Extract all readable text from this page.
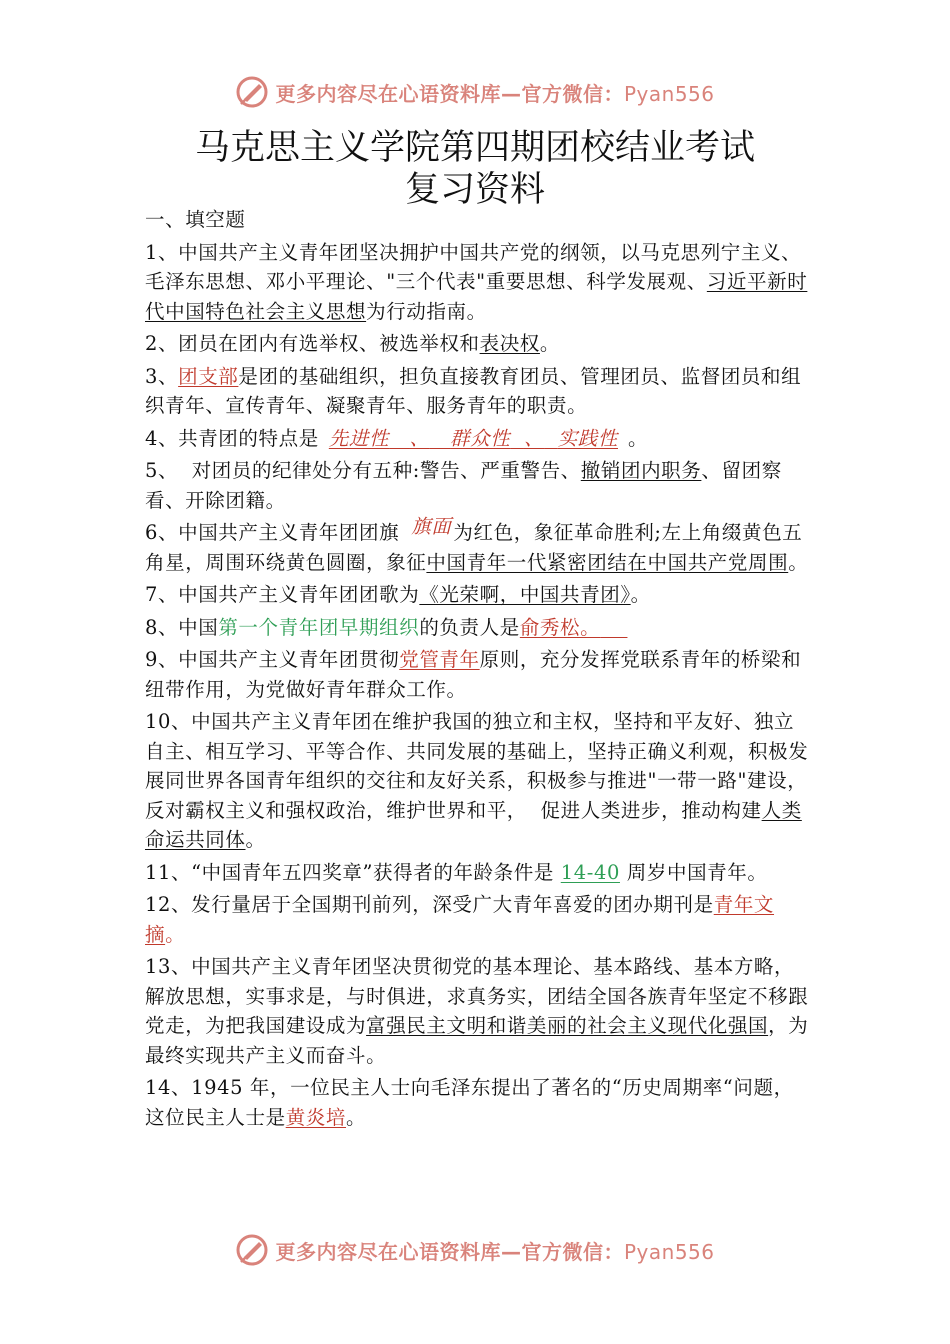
更多内容尽在心语资料库—官方微信：Pyan556
马克思主义学院第四期团校结业考试
复习资料

一、填空题

1、中国共产主义青年团坚决拥护中国共产党的纲领，以马克思列宁主义、毛泽东思想、邓小平理论、"三个代表"重要思想、科学发展观、习近平新时代中国特色社会主义思想为行动指南。

2、团员在团内有选举权、被选举权和表决权。

3、团支部是团的基础组织，担负直接教育团员、管理团员、监督团员和组织青年、宣传青年、凝聚青年、服务青年的职责。

4、共青团的特点是 先进性 、 群众性 、 实践性 。

5、  对团员的纪律处分有五种:警告、严重警告、撤销团内职务、留团察看、开除团籍。

6、中国共产主义青年团团旗 旗面 为红色，象征革命胜利;左上角缀黄色五角星，周围环绕黄色圆圈，象征中国青年一代紧密团结在中国共产党周围。

7、中国共产主义青年团团歌为《光荣啊，中国共青团》。

8、中国第一个青年团早期组织的负责人是俞秀松。

9、中国共产主义青年团贯彻党管青年原则，充分发挥党联系青年的桥梁和纽带作用，为党做好青年群众工作。

10、中国共产主义青年团在维护我国的独立和主权，坚持和平友好、独立自主、相互学习、平等合作、共同发展的基础上，坚持正确义利观，积极发展同世界各国青年组织的交往和友好关系，积极参与推进"一带一路"建设，反对霸权主义和强权政治，维护世界和平，  促进人类进步，推动构建人类命运共同体。

11、“中国青年五四奖章”获得者的年龄条件是 14-40 周岁中国青年。

12、发行量居于全国期刊前列，深受广大青年喜爱的团办期刊是青年文摘。

13、中国共产主义青年团坚决贯彻党的基本理论、基本路线、基本方略，解放思想，实事求是，与时俱进，求真务实，团结全国各族青年坚定不移跟党走，为把我国建设成为富强民主文明和谐美丽的社会主义现代化强国，为最终实现共产主义而奋斗。

14、1945 年，一位民主人士向毛泽东提出了著名的“历史周期率“问题，这位民主人士是黄炎培。

更多内容尽在心语资料库—官方微信：Pyan556
